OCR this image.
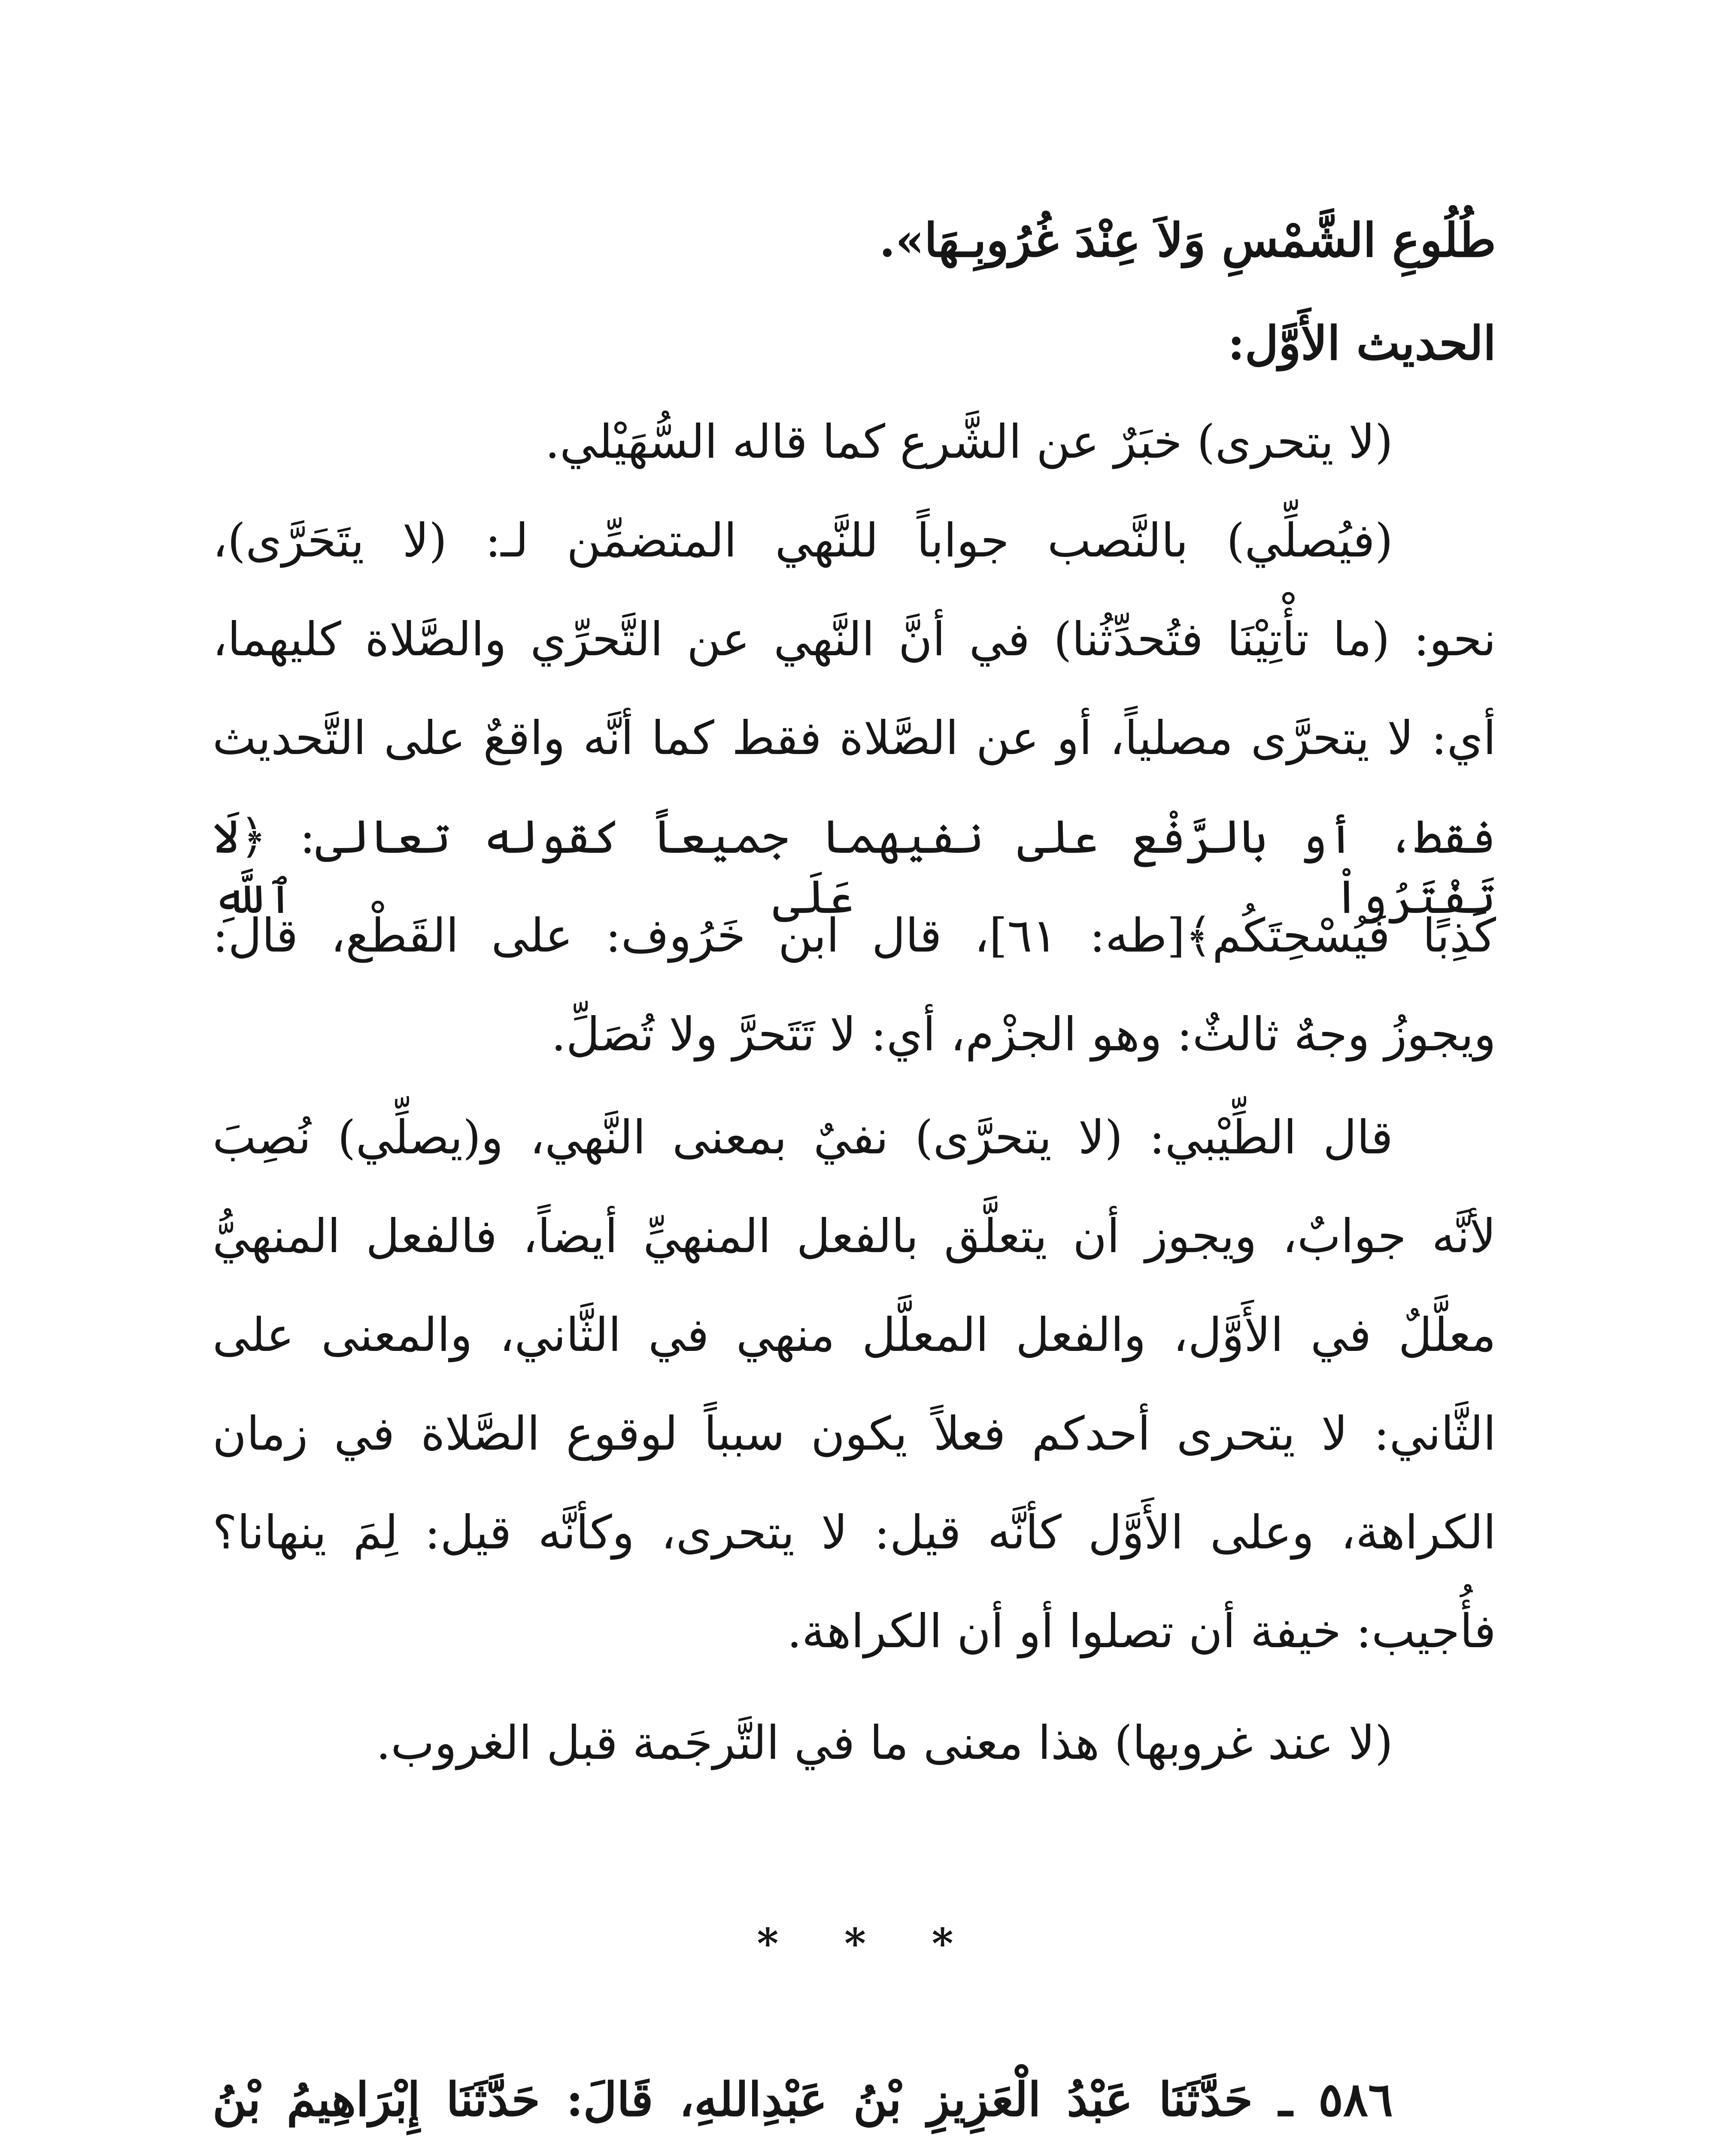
طُلُوعِ الشَّمْسِ وَلاَ عِنْدَ غُرُوبِـهَا».
الحديث الأَوَّل:
(لا يتحرى) خبَرٌ عن الشَّرع كما قاله السُّهَيْلي.
(فيُصلِّي) بالنَّصب جواباً للنَّهي المتضمِّن لـ: (لا يتَحَرَّى)،
نحو: (ما تأْتِيْنَا فتُحدِّثُنا) في أنَّ النَّهي عن التَّحرِّي والصَّلاة كليهما،
أي: لا يتحرَّى مصلياً، أو عن الصَّلاة فقط كما أنَّه واقعٌ على التَّحديث
فقط، أو بالرَّفْع على نفيهما جميعاً كقوله تعالى: ﴿لَا تَفْتَرُواْ عَلَى ٱللَّهِ
كَذِبًا فَيُسْحِتَكُم﴾[طه: ٦١]، قال ابن خَرُوف: على القَطْع، قال:
ويجوزُ وجهٌ ثالثٌ: وهو الجزْم، أي: لا تَتَحرَّ ولا تُصَلِّ.
قال الطِّيْبي: (لا يتحرَّى) نفيٌ بمعنى النَّهي، و(يصلِّي) نُصِبَ
لأنَّه جوابٌ، ويجوز أن يتعلَّق بالفعل المنهيِّ أيضاً، فالفعل المنهيُّ
معلَّلٌ في الأَوَّل، والفعل المعلَّل منهي في الثَّاني، والمعنى على
الثَّاني: لا يتحرى أحدكم فعلاً يكون سبباً لوقوع الصَّلاة في زمان
الكراهة، وعلى الأَوَّل كأنَّه قيل: لا يتحرى، وكأنَّه قيل: لِمَ ينهانا؟
فأُجيب: خيفة أن تصلوا أو أن الكراهة.
(لا عند غروبها) هذا معنى ما في التَّرجَمة قبل الغروب.
٥٨٦ ـ حَدَّثَنَا عَبْدُ الْعَزِيزِ بْنُ عَبْدِاللهِ، قَالَ: حَدَّثَنَا إِبْرَاهِيمُ بْنُ
* * *
